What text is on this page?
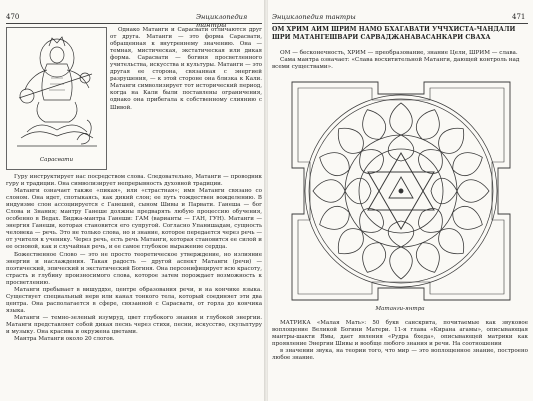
470	Энциклопедия тантры
Сарасвати

Однако Матанги и Сарасвати отличаются друг от друга. Матанги — это форма Сарасвати, обращенная к внутреннему значению. Она — темная, мистическая, экстатическая или дикая форма. Сарасвати — богиня просветленного учительства, искусства и культуры. Матанги — это другая ее сторона, связанная с энергией разрушения, — к этой стороне она близка к Кали. Матанги символизирует тот исторический период, когда на Кали были поставлены ограничения, однако она прибегала к собственному слиянию с Шивой.

Гуру инструктирует нас посредством слова. Следовательно, Матанги — проводник гуру и традиции. Она символизирует непрерывность духовной традиции.

Матанги означает также «пикая», или «страстная»; имя Матанги связано со слоном. Она идет, спотыкаясь, как дикий слон; ее путь тождествен вожделению. В индуизме слон ассоциируется с Ганешей, сыном Шивы и Парвати. Ганеша — бог Слова и Знания; мантру Ганеше должны предварять любую процессию обучения, особенно в Ведах. Биджа-мантра Ганеши: ГАМ (варианты — ГАН, ГУН). Матанги — энергия Ганеши, которая становится его супругой. Согласно Упанишадам, сущность человека — речь. Это не только слова, но и знание, которое передается через речь — от учителя к ученику. Через речь, есть речь Матанги, которая становится ее силой и ее основой, как и случайная речь, и ее самое глубокое выражение сердца.

Божественное Слово — это не просто теоретическое утверждение, но излияние энергии и наслаждения. Такая радость — другой аспект Матанги (речи) — поэтический, эпический и экстатический Богиня. Она персонифицирует всю красоту, страсть и глубину произносимого слова, которое затем порождает возможность к просветлению.

Матанги пребывает в вишуддхе, центре образования речи, и на кончике языка. Существует специальный нерв или канал тонкого тела, который соединяет эти два центра. Она располагается в сфере, связанной с Сарасвати, от горла до кончика языка.

Матанги — темно-зеленый изумруд, цвет глубокого знания и глубокой энергии. Матанги представляет собой дикая песнь через стихи, песни, искусство, скульптуру и музыку. Она красива и окружена цветами.

Мантра Матанги около 20 слогов.

Энциклопедия тантры	471
ОМ ХРИМ АИМ ШРИМ НАМО БХАГАВАТИ УЧЧХИСТА-ЧАНДАЛИ ШРИ МАТАНГЕШВАРИ САРВАДЖАНАВАСАНКАРИ СВАХА

ОМ — бесконечность, ХРИМ — преобразование, знание Цели, ШРИМ — слава.

Сама мантра означает: «Слава восхитительной Матанги, дающей контроль над всеми существами».

Матанги-янтра

МАТРИКА «Малая Мать»: 50 букв санскрита, почитаемые как звуковое воплощение Великой Богини Матери. 11-я глава «Кирана агамы», описывающая мантры-шакти Ямы, дает явления «Рудра бхеда», описывающей матрики как проявление Энергии Шивы и вообще любого знания и речи. На соотношении

в значении звука, на теории того, что мир — это воплощенное знание, построено любое знание.
